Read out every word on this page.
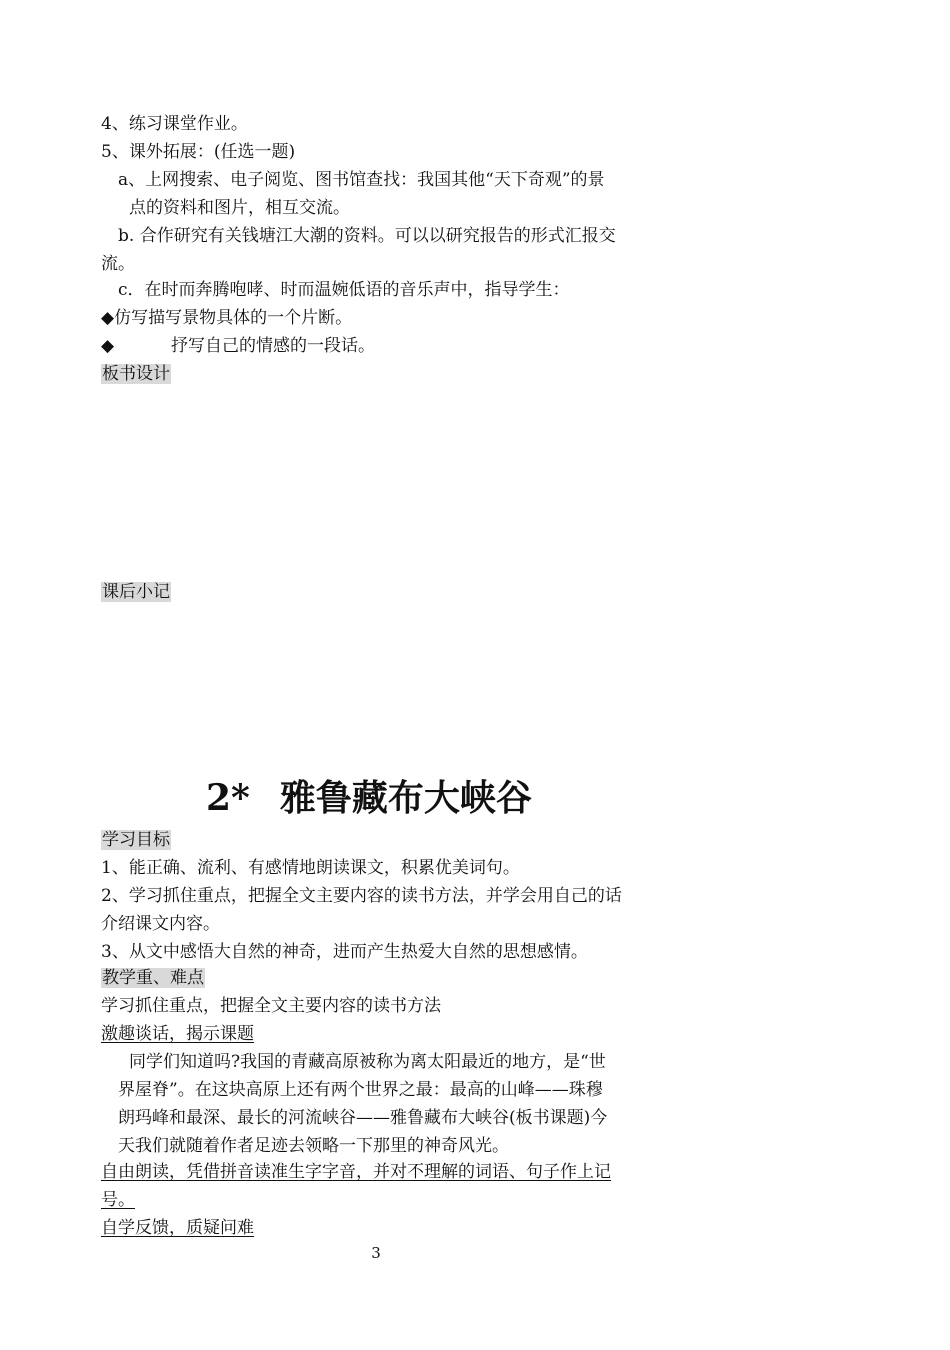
4、练习课堂作业。
5、课外拓展：(任选一题)
a、上网搜索、电子阅览、图书馆查找：我国其他“天下奇观”的景
点的资料和图片，相互交流。
b. 合作研究有关钱塘江大潮的资料。可以以研究报告的形式汇报交
流。
c．在时而奔腾咆哮、时而温婉低语的音乐声中，指导学生：
◆仿写描写景物具体的一个片断。
◆	抒写自己的情感的一段话。
板书设计
课后小记
2* 雅鲁藏布大峡谷
学习目标
1、能正确、流利、有感情地朗读课文，积累优美词句。
2、学习抓住重点，把握全文主要内容的读书方法，并学会用自己的话
介绍课文内容。
3、从文中感悟大自然的神奇，进而产生热爱大自然的思想感情。
教学重、难点
学习抓住重点，把握全文主要内容的读书方法
激趣谈话，揭示课题
同学们知道吗?我国的青藏高原被称为离太阳最近的地方，是“世
界屋脊”。在这块高原上还有两个世界之最：最高的山峰——珠穆
朗玛峰和最深、最长的河流峡谷——雅鲁藏布大峡谷(板书课题)今
天我们就随着作者足迹去领略一下那里的神奇风光。
自由朗读，凭借拼音读准生字字音，并对不理解的词语、句子作上记
号。
自学反馈，质疑问难
3
